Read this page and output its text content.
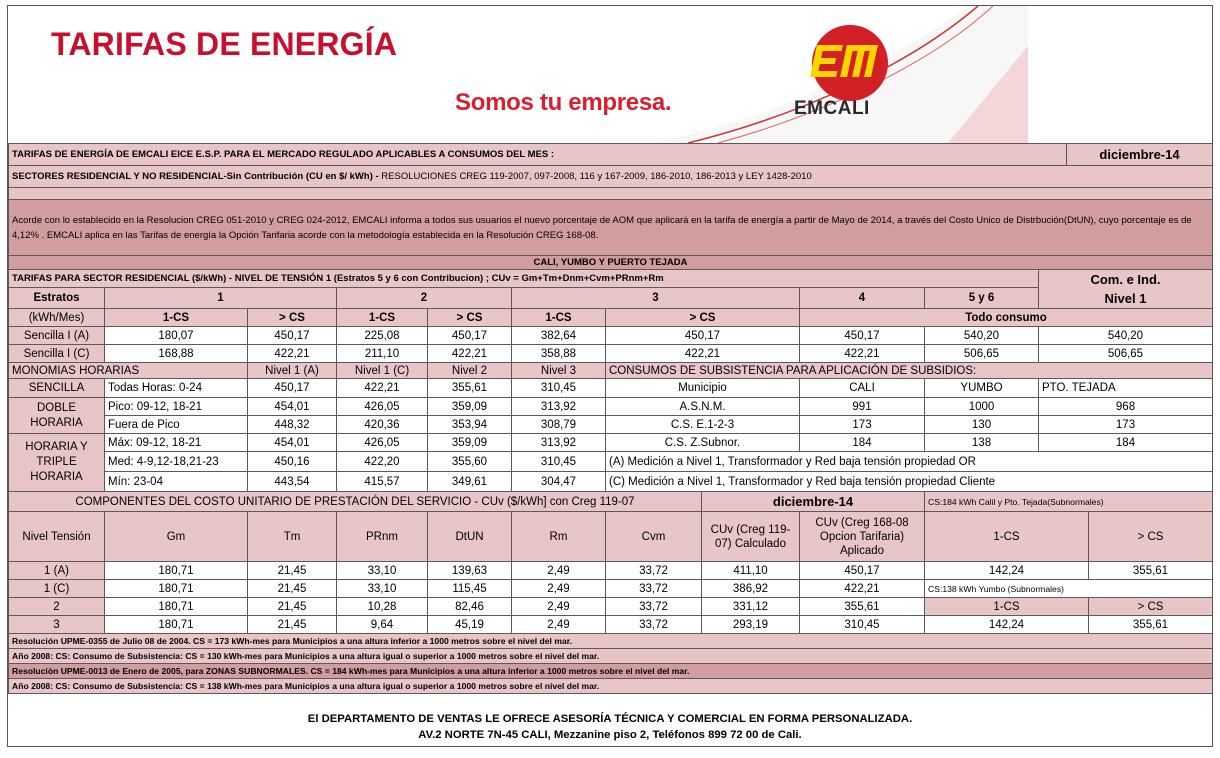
TARIFAS DE ENERGÍA
Somos tu empresa.	EMCALI
TARIFAS DE ENERGÍA DE EMCALI EICE E.S.P. PARA EL MERCADO REGULADO APLICABLES A CONSUMOS DEL MES :	diciembre-14
SECTORES RESIDENCIAL Y NO RESIDENCIAL-Sin Contribución (CU en $/ kWh) - RESOLUCIONES CREG 119-2007, 097-2008, 116 y 167-2009, 186-2010, 186-2013 y LEY 1428-2010

Acorde con lo establecido en la Resolucion CREG 051-2010 y CREG 024-2012, EMCALI informa a todos sus usuarios el nuevo porcentaje de AOM que aplicará en la tarifa de energía a partir de Mayo de 2014, a través del Costo Unico de Distrbución(DtUN), cuyo porcentaje es de 4,12% . EMCALI aplica en las Tarifas de energía la Opción Tarifaria acorde con la metodología establecida en la Resolución CREG 168-08.
CALI, YUMBO Y PUERTO TEJADA
TARIFAS PARA SECTOR RESIDENCIAL ($/kWh) - NIVEL DE TENSIÓN 1 (Estratos 5 y 6 con Contribucion) ; CUv = Gm+Tm+Dnm+Cvm+PRnm+Rm										Com. e Ind.
Nivel 1	

Estratos	1		2		3			4	5 y 6		
(kWh/Mes)	1-CS	> CS	1-CS	> CS	1-CS	> CS		Todo consumo			
Sencilla I (A)	180,07	450,17	225,08	450,17	382,64	450,17		450,17	540,20	540,20	
Sencilla I (C)	168,88	422,21	211,10	422,21	358,88	422,21		422,21	506,65	506,65	
MONOMIAS HORARIAS		Nivel 1 (A)	Nivel 1 (C)	Nivel 2	Nivel 3	CONSUMOS DE SUBSISTENCIA PARA APLICACIÓN DE SUBSIDIOS:					
SENCILLA	Todas Horas: 0-24	450,17	422,21	355,61	310,45	Municipio		CALI	YUMBO	PTO. TEJADA	
DOBLE HORARIA	Pico: 09-12, 18-21	454,01	426,05	359,09	313,92	A.S.N.M.		991	1000	968	
	Fuera de Pico	448,32	420,36	353,94	308,79	C.S. E.1-2-3		173	130	173	
HORARIA Y TRIPLE HORARIA	Máx: 09-12, 18-21	454,01	426,05	359,09	313,92	C.S. Z.Subnor.		184	138	184	
	Med: 4-9,12-18,21-23	450,16	422,20	355,60	310,45	(A) Medición a Nivel 1, Transformador y Red baja tensión propiedad OR					
	Mín: 23-04	443,54	415,57	349,61	304,47	(C) Medición a Nivel 1, Transformador y Red baja tensión propiedad Cliente					
COMPONENTES DEL COSTO UNITARIO DE PRESTACIÓN DEL SERVICIO - CUv ($/kWh] con Creg 119-07							diciembre-14		CS:184 kWh Calil y Pto. Tejada(Subnormales)		
Nivel Tensión	Gm	Tm	PRnm	DtUN	Rm	Cvm	CUv (Creg 119-07) Calculado	CUv (Creg 168-08 Opcion Tarifaria) Aplicado	1-CS		> CS
1 (A)	180,71	21,45	33,10	139,63	2,49	33,72	411,10	450,17	142,24		355,61
1 (C)	180,71	21,45	33,10	115,45	2,49	33,72	386,92	422,21	CS:138 kWh Yumbo (Subnormales)		
2	180,71	21,45	10,28	82,46	2,49	33,72	331,12	355,61	1-CS		> CS
3	180,71	21,45	9,64	45,19	2,49	33,72	293,19	310,45	142,24		355,61
Resolución UPME-0355 de Julio 08 de 2004. CS = 173 kWh-mes para Municipios a una altura inferior a 1000 metros sobre el nivel del mar.											
Año 2008: CS: Consumo de Subsistencia: CS = 130 kWh-mes para Municipios a una altura igual o superior a 1000 metros sobre el nivel del mar.											
Resoluciòn UPME-0013 de Enero de 2005, para ZONAS SUBNORMALES. CS = 184 kWh-mes para Municipios a una altura inferior a 1000 metros sobre el nivel del mar.											
Año 2008: CS: Consumo de Subsistencia: CS = 138 kWh-mes para Municipios a una altura igual o superior a 1000 metros sobre el nivel del mar.											
El DEPARTAMENTO DE VENTAS LE OFRECE ASESORÍA TÉCNICA Y COMERCIAL EN FORMA PERSONALIZADA.
AV.2 NORTE 7N-45 CALI, Mezzanine piso 2, Teléfonos 899 72 00 de Cali.
